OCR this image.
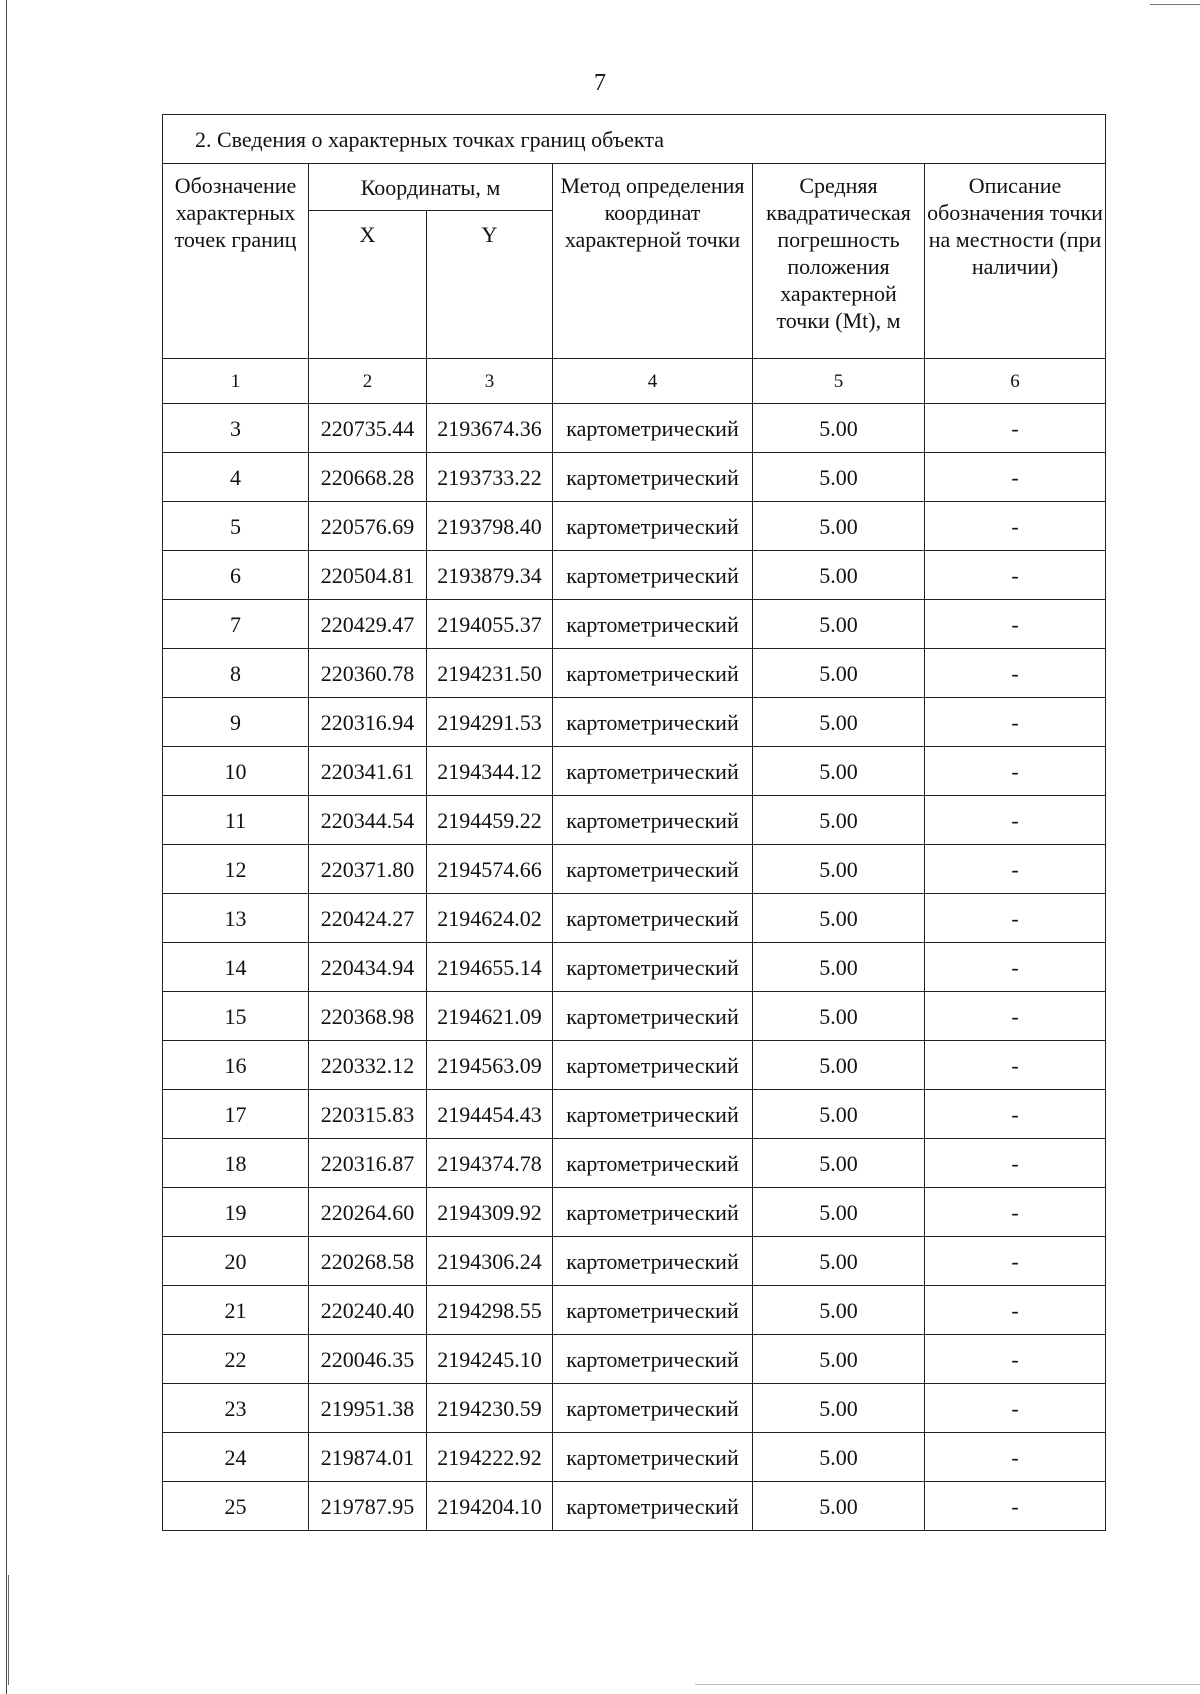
7
2. Сведения о характерных точках границ объекта					
Обозначение характерных точек границ	Координаты, м		Метод определения координат характерной точки	Средняя квадратическая погрешность положения характерной точки (Mt), м	Описание обозначения точки на местности (при наличии)
	X	Y			
1	2	3	4	5	6
3	220735.44	2193674.36	картометрический	5.00	-
4	220668.28	2193733.22	картометрический	5.00	-
5	220576.69	2193798.40	картометрический	5.00	-
6	220504.81	2193879.34	картометрический	5.00	-
7	220429.47	2194055.37	картометрический	5.00	-
8	220360.78	2194231.50	картометрический	5.00	-
9	220316.94	2194291.53	картометрический	5.00	-
10	220341.61	2194344.12	картометрический	5.00	-
11	220344.54	2194459.22	картометрический	5.00	-
12	220371.80	2194574.66	картометрический	5.00	-
13	220424.27	2194624.02	картометрический	5.00	-
14	220434.94	2194655.14	картометрический	5.00	-
15	220368.98	2194621.09	картометрический	5.00	-
16	220332.12	2194563.09	картометрический	5.00	-
17	220315.83	2194454.43	картометрический	5.00	-
18	220316.87	2194374.78	картометрический	5.00	-
19	220264.60	2194309.92	картометрический	5.00	-
20	220268.58	2194306.24	картометрический	5.00	-
21	220240.40	2194298.55	картометрический	5.00	-
22	220046.35	2194245.10	картометрический	5.00	-
23	219951.38	2194230.59	картометрический	5.00	-
24	219874.01	2194222.92	картометрический	5.00	-
25	219787.95	2194204.10	картометрический	5.00	-
